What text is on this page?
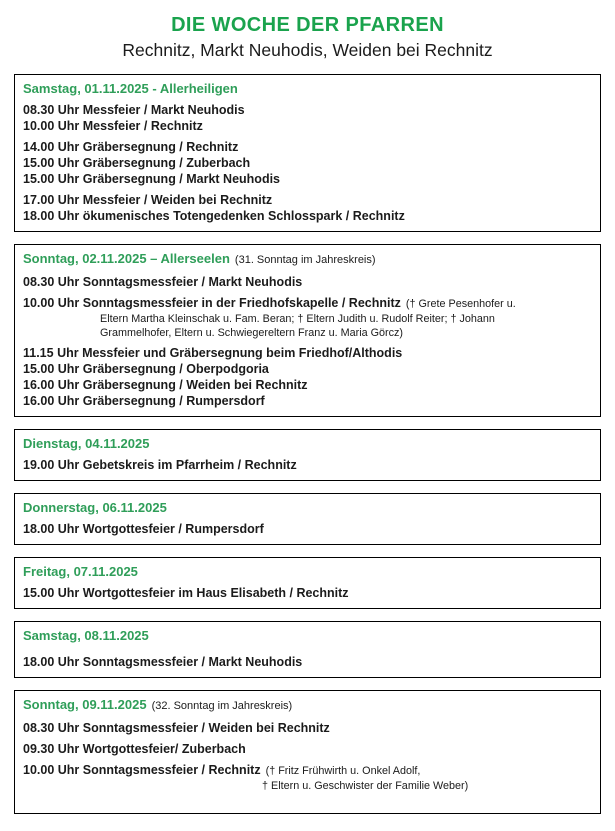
DIE WOCHE DER PFARREN
Rechnitz, Markt Neuhodis, Weiden bei Rechnitz
Samstag, 01.11.2025 - Allerheiligen
08.30 Uhr Messfeier / Markt Neuhodis
10.00 Uhr Messfeier / Rechnitz
14.00 Uhr Gräbersegnung / Rechnitz
15.00 Uhr Gräbersegnung / Zuberbach
15.00 Uhr Gräbersegnung / Markt Neuhodis
17.00 Uhr Messfeier / Weiden bei Rechnitz
18.00 Uhr ökumenisches Totengedenken Schlosspark / Rechnitz
Sonntag, 02.11.2025 – Allerseelen (31. Sonntag im Jahreskreis)
08.30 Uhr Sonntagsmessfeier / Markt Neuhodis
10.00 Uhr Sonntagsmessfeier in der Friedhofskapelle / Rechnitz († Grete Pesenhofer u.
Eltern Martha Kleinschak u. Fam. Beran; † Eltern Judith u. Rudolf Reiter; † Johann
Grammelhofer, Eltern u. Schwiegereltern Franz u. Maria Görcz)
11.15 Uhr Messfeier und Gräbersegnung beim Friedhof/Althodis
15.00 Uhr Gräbersegnung / Oberpodgoria
16.00 Uhr Gräbersegnung / Weiden bei Rechnitz
16.00 Uhr Gräbersegnung / Rumpersdorf
Dienstag, 04.11.2025
19.00 Uhr Gebetskreis im Pfarrheim / Rechnitz
Donnerstag, 06.11.2025
18.00 Uhr Wortgottesfeier / Rumpersdorf
Freitag, 07.11.2025
15.00 Uhr Wortgottesfeier im Haus Elisabeth / Rechnitz
Samstag, 08.11.2025
18.00 Uhr Sonntagsmessfeier / Markt Neuhodis
Sonntag, 09.11.2025 (32. Sonntag im Jahreskreis)
08.30 Uhr Sonntagsmessfeier / Weiden bei Rechnitz
09.30 Uhr Wortgottesfeier/ Zuberbach
10.00 Uhr Sonntagsmessfeier / Rechnitz († Fritz Frühwirth u. Onkel Adolf,
† Eltern u. Geschwister der Familie Weber)
